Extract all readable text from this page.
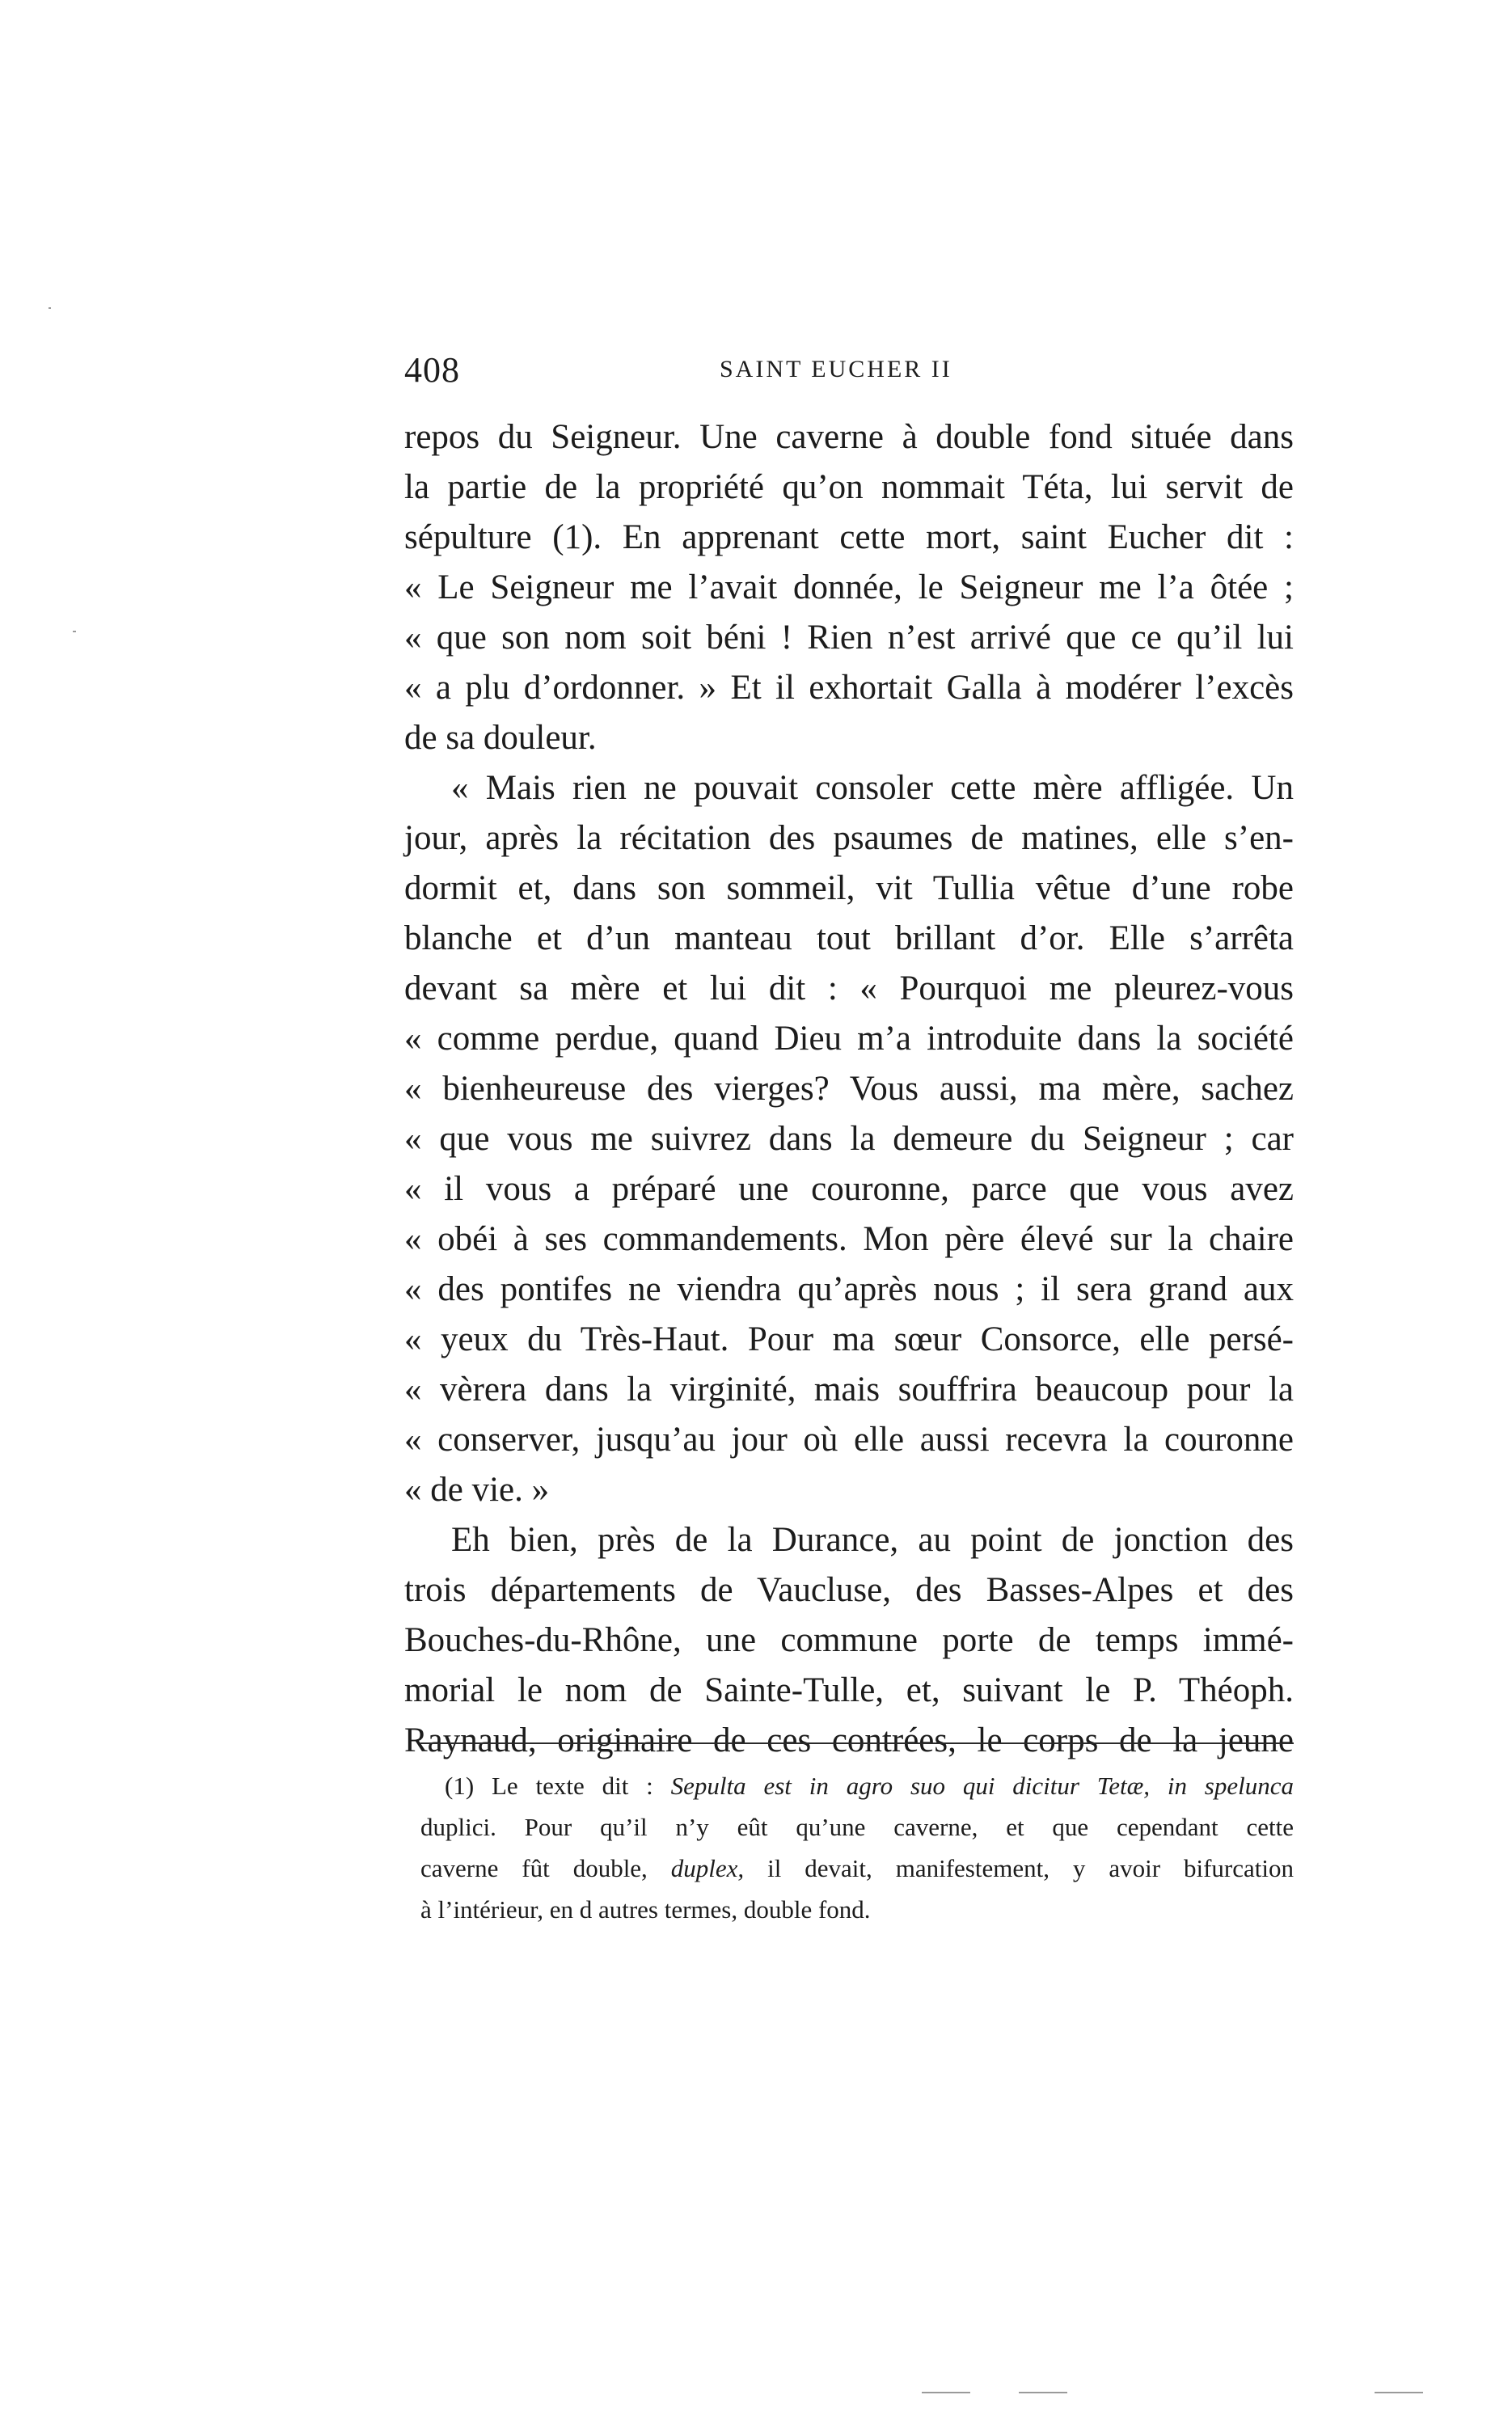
408	SAINT EUCHER II
repos du Seigneur. Une caverne à double fond située dans
la partie de la propriété qu’on nommait Téta, lui servit de
sépulture (1). En apprenant cette mort, saint Eucher dit :
« Le Seigneur me l’avait donnée, le Seigneur me l’a ôtée ;
« que son nom soit béni ! Rien n’est arrivé que ce qu’il lui
« a plu d’ordonner. » Et il exhortait Galla à modérer l’excès
de sa douleur.
« Mais rien ne pouvait consoler cette mère affligée. Un
jour, après la récitation des psaumes de matines, elle s’en-
dormit et, dans son sommeil, vit Tullia vêtue d’une robe
blanche et d’un manteau tout brillant d’or. Elle s’arrêta
devant sa mère et lui dit : « Pourquoi me pleurez-vous
« comme perdue, quand Dieu m’a introduite dans la société
« bienheureuse des vierges? Vous aussi, ma mère, sachez
« que vous me suivrez dans la demeure du Seigneur ; car
« il vous a préparé une couronne, parce que vous avez
« obéi à ses commandements. Mon père élevé sur la chaire
« des pontifes ne viendra qu’après nous ; il sera grand aux
« yeux du Très-Haut. Pour ma sœur Consorce, elle persé-
« vèrera dans la virginité, mais souffrira beaucoup pour la
« conserver, jusqu’au jour où elle aussi recevra la couronne
« de vie. »
Eh bien, près de la Durance, au point de jonction des
trois départements de Vaucluse, des Basses-Alpes et des
Bouches-du-Rhône, une commune porte de temps immé-
morial le nom de Sainte-Tulle, et, suivant le P. Théoph.
Raynaud, originaire de ces contrées, le corps de la jeune
(1) Le texte dit : Sepulta est in agro suo qui dicitur Tetæ, in spelunca
duplici. Pour qu’il n’y eût qu’une caverne, et que cependant cette
caverne fût double, duplex, il devait, manifestement, y avoir bifurcation
à l’intérieur, en d autres termes, double fond.
